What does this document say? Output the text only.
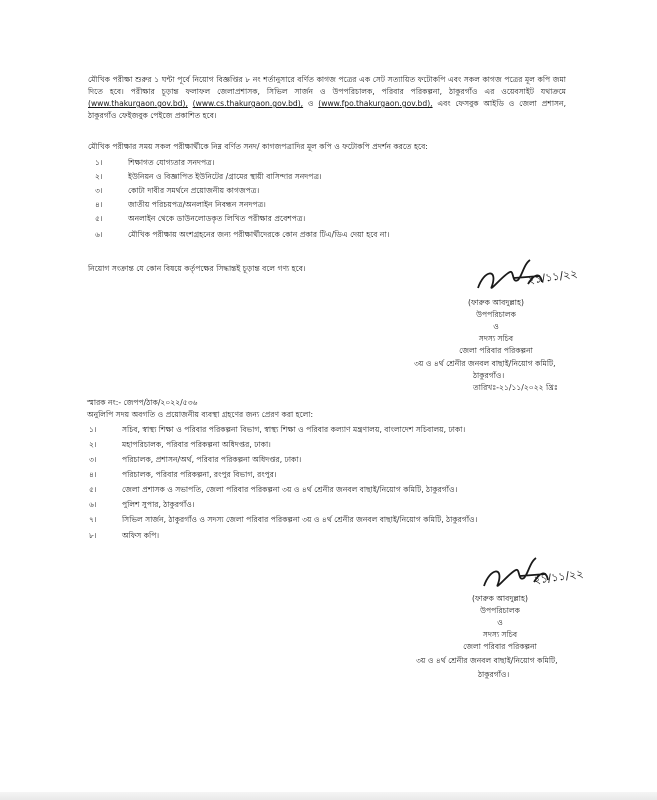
মৌখিক পরীক্ষা শুরুর ১ ঘন্টা পূর্বে নিয়োগ বিজ্ঞপ্তির ৮ নং শর্তানুসারে বর্ণিত কাগজ পত্রের এক সেট সত্যায়িত ফটোকপি এবং সকল কাগজ পত্রের মূল কপি জমা দিতে হবে। পরীক্ষার চূড়ান্ত ফলাফল জেলাপ্রশাসক, সিভিল সার্জন ও উপপরিচালক, পরিবার পরিকল্পনা, ঠাকুরগাঁও এর ওয়েবসাইট যথাক্রমে (www.thakurgaon.gov.bd), (www.cs.thakurgaon.gov.bd), ও (www.fpo.thakurgaon.gov.bd), এবং ফেসবুক আইডি ও জেলা প্রশাসন, ঠাকুরগাঁও ফেইজবুক পেইজে প্রকাশিত হবে।
মৌখিক পরীক্ষার সময় সকল পরীক্ষার্থীকে নিম্ন বর্ণিত সনদ/ কাগজপত্রাদির মূল কপি ও ফটোকপি প্রদর্শন করতে হবে:
১।	শিক্ষাগত যোগ্যতার সনদপত্র।
২।	ইউনিয়ন ও বিজ্ঞাপিত ইউনিটের /গ্রামের স্থায়ী বাসিন্দার সনদপত্র।
৩।	কোটা দাবীর সমর্থনে প্রয়োজনীয় কাগজপত্র।
৪।	জাতীয় পরিচয়পত্র/অনলাইন নিবন্ধন সনদপত্র।
৫।	অনলাইন থেকে ডাউনলোডকৃত লিখিত পরীক্ষার প্রবেশপত্র।
৬।	মৌখিক পরীক্ষায় অংশগ্রহনের জন্য পরীক্ষার্থীদেরকে কোন প্রকার টিএ/ডিএ দেয়া হবে না।
নিয়োগ সংক্রান্ত যে কোন বিষয়ে কর্তৃপক্ষের সিদ্ধান্তই চূড়ান্ত বলে গণ্য হবে।	২১/১১/২২
(ফারুক আবদুল্লাহ)
উপপরিচালক
ও
সদস্য সচিব
জেলা পরিবার পরিকল্পনা
৩য় ও ৪র্থ শ্রেনীর জনবল বাছাই/নিয়োগ কমিটি,
ঠাকুরগাঁও।
তারিখঃ-২১/১১/২০২২ খ্রিঃ
স্মারক নং:- জেপপ/ঠাক/২০২২/৫৩৬
অনুলিপি সদয় অবগতি ও প্রয়োজনীয় ব্যবস্থা গ্রহণের জন্য প্রেরণ করা হলো:
১।	সচিব, স্বাস্থ্য শিক্ষা ও পরিবার পরিকল্পনা বিভাগ, স্বাস্থ্য শিক্ষা ও পরিবার কল্যাণ মন্ত্রণালয়, বাংলাদেশ সচিবালয়, ঢাকা।
২।	মহাপরিচালক, পরিবার পরিকল্পনা অধিদপ্তর, ঢাকা।
৩।	পরিচালক, প্রশাসন/অর্থ, পরিবার পরিকল্পনা অধিদপ্তর, ঢাকা।
৪।	পরিচালক, পরিবার পরিকল্পনা, রংপুর বিভাগ, রংপুর।
৫।	জেলা প্রশাসক ও সভাপতি, জেলা পরিবার পরিকল্পনা ৩য় ও ৪র্থ শ্রেনীর জনবল বাছাই/নিয়োগ কমিটি, ঠাকুরগাঁও।
৬।	পুলিশ সুপার, ঠাকুরগাঁও।
৭।	সিভিল সার্জন, ঠাকুরগাঁও ও সদস্য জেলা পরিবার পরিকল্পনা ৩য় ও ৪র্থ শ্রেনীর জনবল বাছাই/নিয়োগ কমিটি, ঠাকুরগাঁও।
৮।	অফিস কপি।
২১/১১/২২
(ফারুক আবদুল্লাহ)
উপপরিচালক
ও
সদস্য সচিব
জেলা পরিবার পরিকল্পনা
৩য় ও ৪র্থ শ্রেনীর জনবল বাছাই/নিয়োগ কমিটি,
ঠাকুরগাঁও।
